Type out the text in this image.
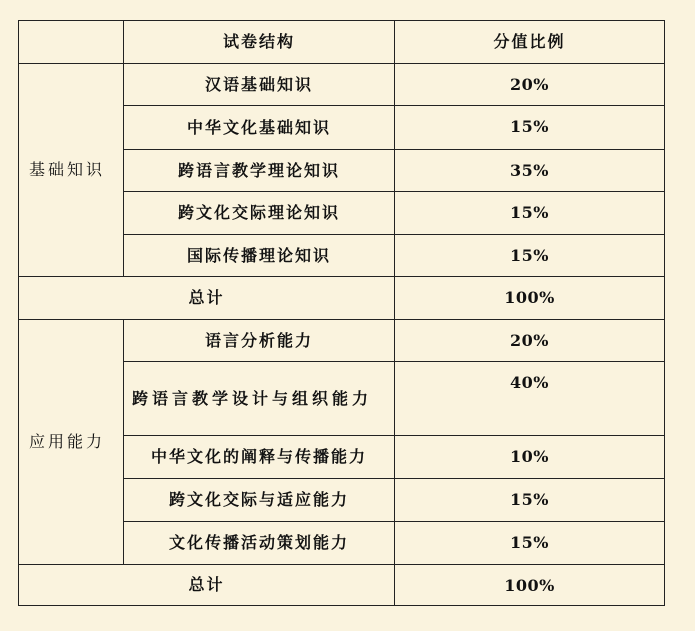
	试卷结构	分值比例
基础知识	汉语基础知识	20%
	中华文化基础知识	15%
	跨语言教学理论知识	35%
	跨文化交际理论知识	15%
	国际传播理论知识	15%
总计		100%
应用能力	语言分析能力	20%
	跨语言教学设计与组织能力	40%
	中华文化的阐释与传播能力	10%
	跨文化交际与适应能力	15%
	文化传播活动策划能力	15%
总计		100%
